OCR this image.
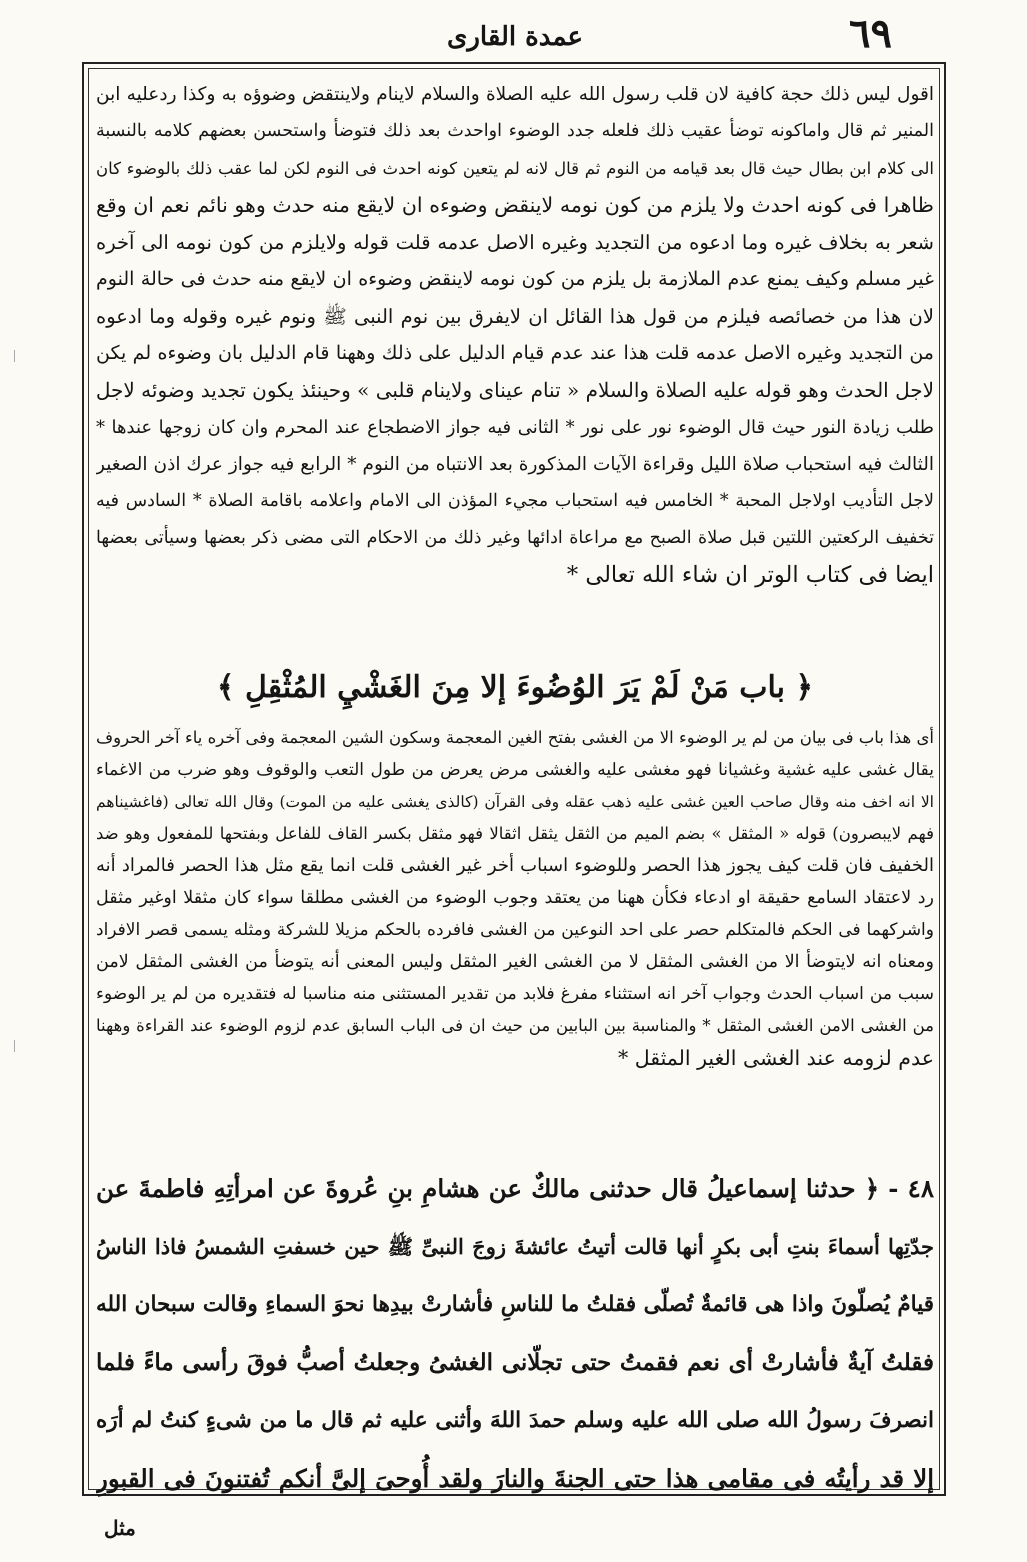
عمدة القارى	٦٩
اقول ليس ذلك حجة كافية لان قلب رسول الله عليه الصلاة والسلام لاينام ولاينتقض وضوؤه به وكذا ردعليه ابن
المنير ثم قال واماكونه توضأ عقيب ذلك فلعله جدد الوضوء اواحدث بعد ذلك فتوضأ واستحسن بعضهم كلامه بالنسبة
الى كلام ابن بطال حيث قال بعد قيامه من النوم ثم قال لانه لم يتعين كونه احدث فى النوم لكن لما عقب ذلك بالوضوء كان
ظاهرا فى كونه احدث ولا يلزم من كون نومه لاينقض وضوءه ان لايقع منه حدث وهو نائم نعم ان وقع
شعر به بخلاف غيره وما ادعوه من التجديد وغيره الاصل عدمه قلت قوله ولايلزم من كون نومه الى آخره
غير مسلم وكيف يمنع عدم الملازمة بل يلزم من كون نومه لاينقض وضوءه ان لايقع منه حدث فى حالة النوم
لان هذا من خصائصه فيلزم من قول هذا القائل ان لايفرق بين نوم النبى ﷺ ونوم غيره وقوله وما ادعوه
من التجديد وغيره الاصل عدمه قلت هذا عند عدم قيام الدليل على ذلك وههنا قام الدليل بان وضوءه لم يكن
لاجل الحدث وهو قوله عليه الصلاة والسلام « تنام عيناى ولاينام قلبى » وحينئذ يكون تجديد وضوئه لاجل
طلب زيادة النور حيث قال الوضوء نور على نور * الثانى فيه جواز الاضطجاع عند المحرم وان كان زوجها عندها *
الثالث فيه استحباب صلاة الليل وقراءة الآيات المذكورة بعد الانتباه من النوم * الرابع فيه جواز عرك اذن الصغير
لاجل التأديب اولاجل المحبة * الخامس فيه استحباب مجيء المؤذن الى الامام واعلامه باقامة الصلاة * السادس فيه
تخفيف الركعتين اللتين قبل صلاة الصبح مع مراعاة ادائها وغير ذلك من الاحكام التى مضى ذكر بعضها وسيأتى بعضها
ايضا فى كتاب الوتر ان شاء الله تعالى *
﴿ باب مَنْ لَمْ يَرَ الوُضُوءَ إلا مِنَ الغَشْيِ المُثْقِلِ ﴾
أى هذا باب فى بيان من لم ير الوضوء الا من الغشى بفتح الغين المعجمة وسكون الشين المعجمة وفى آخره ياء آخر الحروف
يقال غشى عليه غشية وغشيانا فهو مغشى عليه والغشى مرض يعرض من طول التعب والوقوف وهو ضرب من الاغماء
الا انه اخف منه وقال صاحب العين غشى عليه ذهب عقله وفى القرآن (كالذى يغشى عليه من الموت) وقال الله تعالى (فاغشيناهم
فهم لايبصرون) قوله « المثقل » بضم الميم من الثقل يثقل اثقالا فهو مثقل بكسر القاف للفاعل وبفتحها للمفعول وهو ضد
الخفيف فان قلت كيف يجوز هذا الحصر وللوضوء اسباب أخر غير الغشى قلت انما يقع مثل هذا الحصر فالمراد أنه
رد لاعتقاد السامع حقيقة او ادعاء فكأن ههنا من يعتقد وجوب الوضوء من الغشى مطلقا سواء كان مثقلا اوغير مثقل
واشركهما فى الحكم فالمتكلم حصر على احد النوعين من الغشى فافرده بالحكم مزيلا للشركة ومثله يسمى قصر الافراد
ومعناه انه لايتوضأ الا من الغشى المثقل لا من الغشى الغير المثقل وليس المعنى أنه يتوضأ من الغشى المثقل لامن
سبب من اسباب الحدث وجواب آخر انه استثناء مفرغ فلابد من تقدير المستثنى منه مناسبا له فتقديره من لم ير الوضوء
من الغشى الامن الغشى المثقل * والمناسبة بين البابين من حيث ان فى الباب السابق عدم لزوم الوضوء عند القراءة وههنا
عدم لزومه عند الغشى الغير المثقل *
٤٨ - ﴿ حدثنا إسماعيلُ قال حدثنى مالكٌ عن هشامِ بنِ عُروةَ عن امرأتِهِ فاطمةَ عن
جدّتِها أسماءَ بنتِ أبى بكرٍ أنها قالت أتيتُ عائشةَ زوجَ النبىِّ ﷺ حين خسفتِ الشمسُ فاذا الناسُ
قيامٌ يُصلّونَ واذا هى قائمةٌ تُصلّى فقلتُ ما للناسِ فأشارتْ بيدِها نحوَ السماءِ وقالت سبحان الله
فقلتُ آيةٌ فأشارتْ أى نعم فقمتُ حتى تجلّانى الغشىُ وجعلتُ أصبُّ فوقَ رأسى ماءً فلما
انصرفَ رسولُ الله صلى الله عليه وسلم حمدَ اللهَ وأثنى عليه ثم قال ما من شىءٍ كنتُ لم أرَه
إلا قد رأيتُه فى مقامى هذا حتى الجنةَ والنارَ ولقد أُوحىَ إلىَّ أنكم تُفتنونَ فى القبورِ
مثل
